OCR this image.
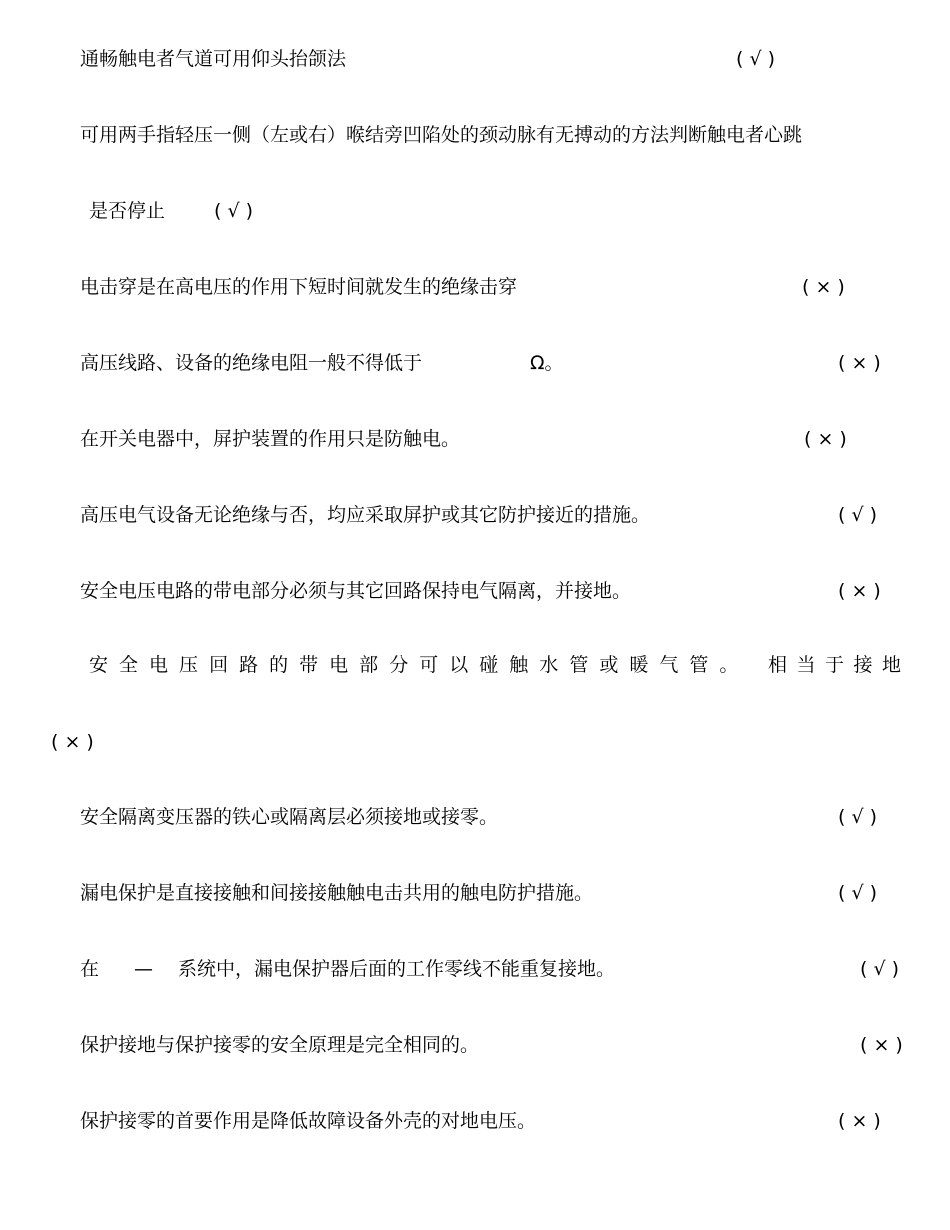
通畅触电者气道可用仰头抬颌法	( √ )
可用两手指轻压一侧（左或右）喉结旁凹陷处的颈动脉有无搏动的方法判断触电者心跳
是否停止	( √ )
电击穿是在高电压的作用下短时间就发生的绝缘击穿	( × )
高压线路、设备的绝缘电阻一般不得低于	Ω。	( × )
在开关电器中，屏护装置的作用只是防触电。	( × )
高压电气设备无论绝缘与否，均应采取屏护或其它防护接近的措施。	( √ )
安全电压电路的带电部分必须与其它回路保持电气隔离，并接地。	( × )
安全电压回路的带电部分可以碰触水管或暖气管。 相当于接地
( × )
安全隔离变压器的铁心或隔离层必须接地或接零。	( √ )
漏电保护是直接接触和间接接触触电击共用的触电防护措施。	( √ )
在 — 系统中，漏电保护器后面的工作零线不能重复接地。	( √ )
保护接地与保护接零的安全原理是完全相同的。	( × )
保护接零的首要作用是降低故障设备外壳的对地电压。	( × )
